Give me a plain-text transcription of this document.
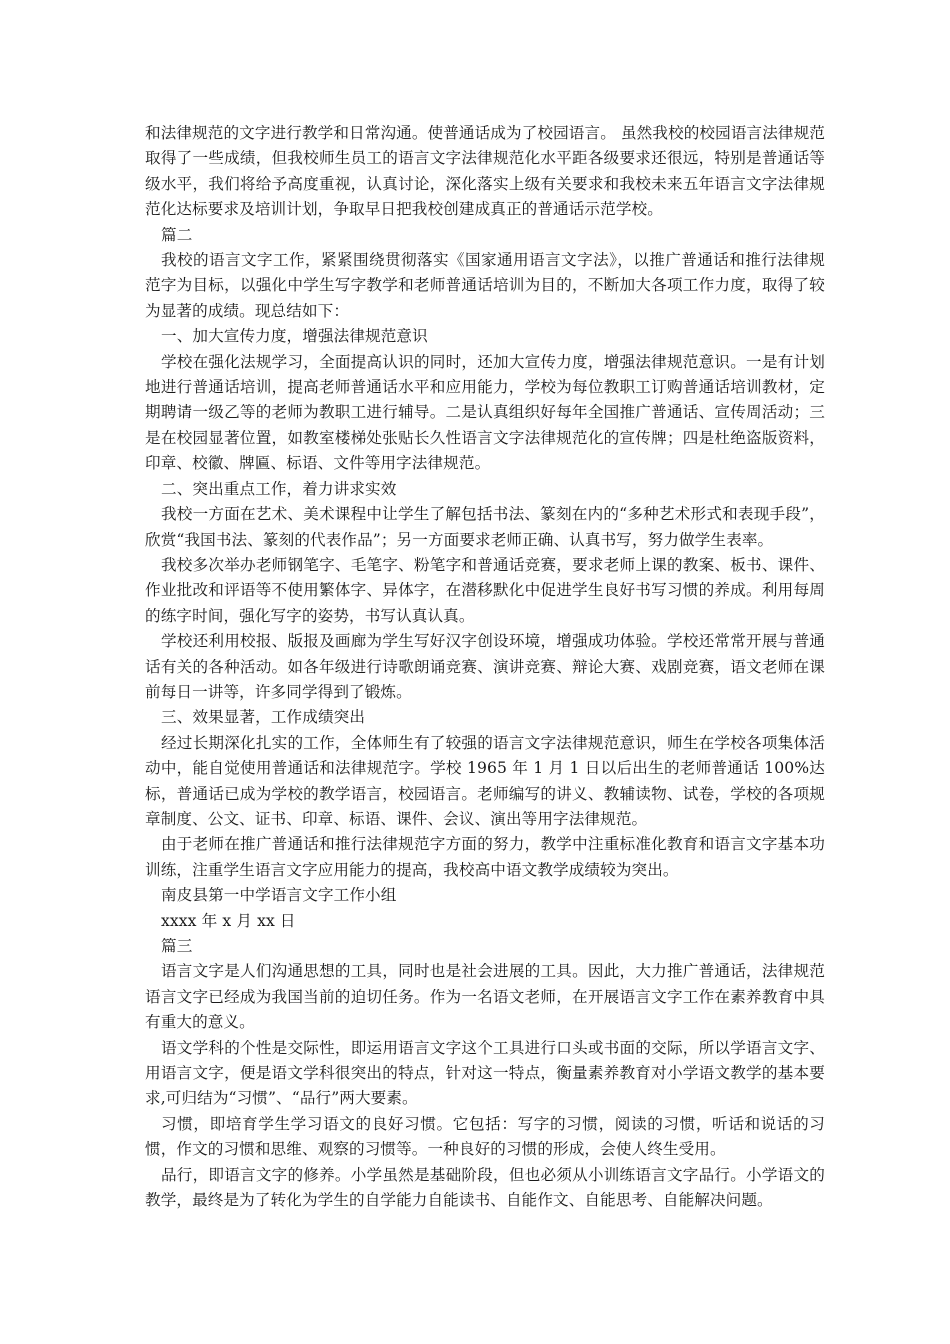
和法律规范的文字进行教学和日常沟通。使普通话成为了校园语言。 虽然我校的校园语言法律规范取得了一些成绩，但我校师生员工的语言文字法律规范化水平距各级要求还很远，特别是普通话等级水平，我们将给予高度重视，认真讨论，深化落实上级有关要求和我校未来五年语言文字法律规范化达标要求及培训计划，争取早日把我校创建成真正的普通话示范学校。

篇二

我校的语言文字工作，紧紧围绕贯彻落实《国家通用语言文字法》，以推广普通话和推行法律规范字为目标，以强化中学生写字教学和老师普通话培训为目的，不断加大各项工作力度，取得了较为显著的成绩。现总结如下：

一、加大宣传力度，增强法律规范意识

学校在强化法规学习，全面提高认识的同时，还加大宣传力度，增强法律规范意识。一是有计划地进行普通话培训，提高老师普通话水平和应用能力，学校为每位教职工订购普通话培训教材，定期聘请一级乙等的老师为教职工进行辅导。二是认真组织好每年全国推广普通话、宣传周活动；三是在校园显著位置，如教室楼梯处张贴长久性语言文字法律规范化的宣传牌；四是杜绝盗版资料，印章、校徽、牌匾、标语、文件等用字法律规范。

二、突出重点工作，着力讲求实效

我校一方面在艺术、美术课程中让学生了解包括书法、篆刻在内的“多种艺术形式和表现手段”，欣赏“我国书法、篆刻的代表作品”；另一方面要求老师正确、认真书写，努力做学生表率。

我校多次举办老师钢笔字、毛笔字、粉笔字和普通话竞赛，要求老师上课的教案、板书、课件、作业批改和评语等不使用繁体字、异体字，在潜移默化中促进学生良好书写习惯的养成。利用每周的练字时间，强化写字的姿势，书写认真认真。

学校还利用校报、版报及画廊为学生写好汉字创设环境，增强成功体验。学校还常常开展与普通话有关的各种活动。如各年级进行诗歌朗诵竞赛、演讲竞赛、辩论大赛、戏剧竞赛，语文老师在课前每日一讲等，许多同学得到了锻炼。

三、效果显著，工作成绩突出

经过长期深化扎实的工作，全体师生有了较强的语言文字法律规范意识，师生在学校各项集体活动中，能自觉使用普通话和法律规范字。学校 1965 年 1 月 1 日以后出生的老师普通话 100%达标，普通话已成为学校的教学语言，校园语言。老师编写的讲义、教辅读物、试卷，学校的各项规章制度、公文、证书、印章、标语、课件、会议、演出等用字法律规范。

由于老师在推广普通话和推行法律规范字方面的努力，教学中注重标准化教育和语言文字基本功训练，注重学生语言文字应用能力的提高，我校高中语文教学成绩较为突出。

南皮县第一中学语言文字工作小组

xxxx 年 x 月 xx 日

篇三

语言文字是人们沟通思想的工具，同时也是社会进展的工具。因此，大力推广普通话，法律规范语言文字已经成为我国当前的迫切任务。作为一名语文老师，在开展语言文字工作在素养教育中具有重大的意义。

语文学科的个性是交际性，即运用语言文字这个工具进行口头或书面的交际，所以学语言文字、用语言文字，便是语文学科很突出的特点，针对这一特点，衡量素养教育对小学语文教学的基本要求,可归结为“习惯”、“品行”两大要素。

习惯，即培育学生学习语文的良好习惯。它包括：写字的习惯，阅读的习惯，听话和说话的习惯，作文的习惯和思维、观察的习惯等。一种良好的习惯的形成，会使人终生受用。

品行，即语言文字的修养。小学虽然是基础阶段，但也必须从小训练语言文字品行。小学语文的教学，最终是为了转化为学生的自学能力自能读书、自能作文、自能思考、自能解决问题。
